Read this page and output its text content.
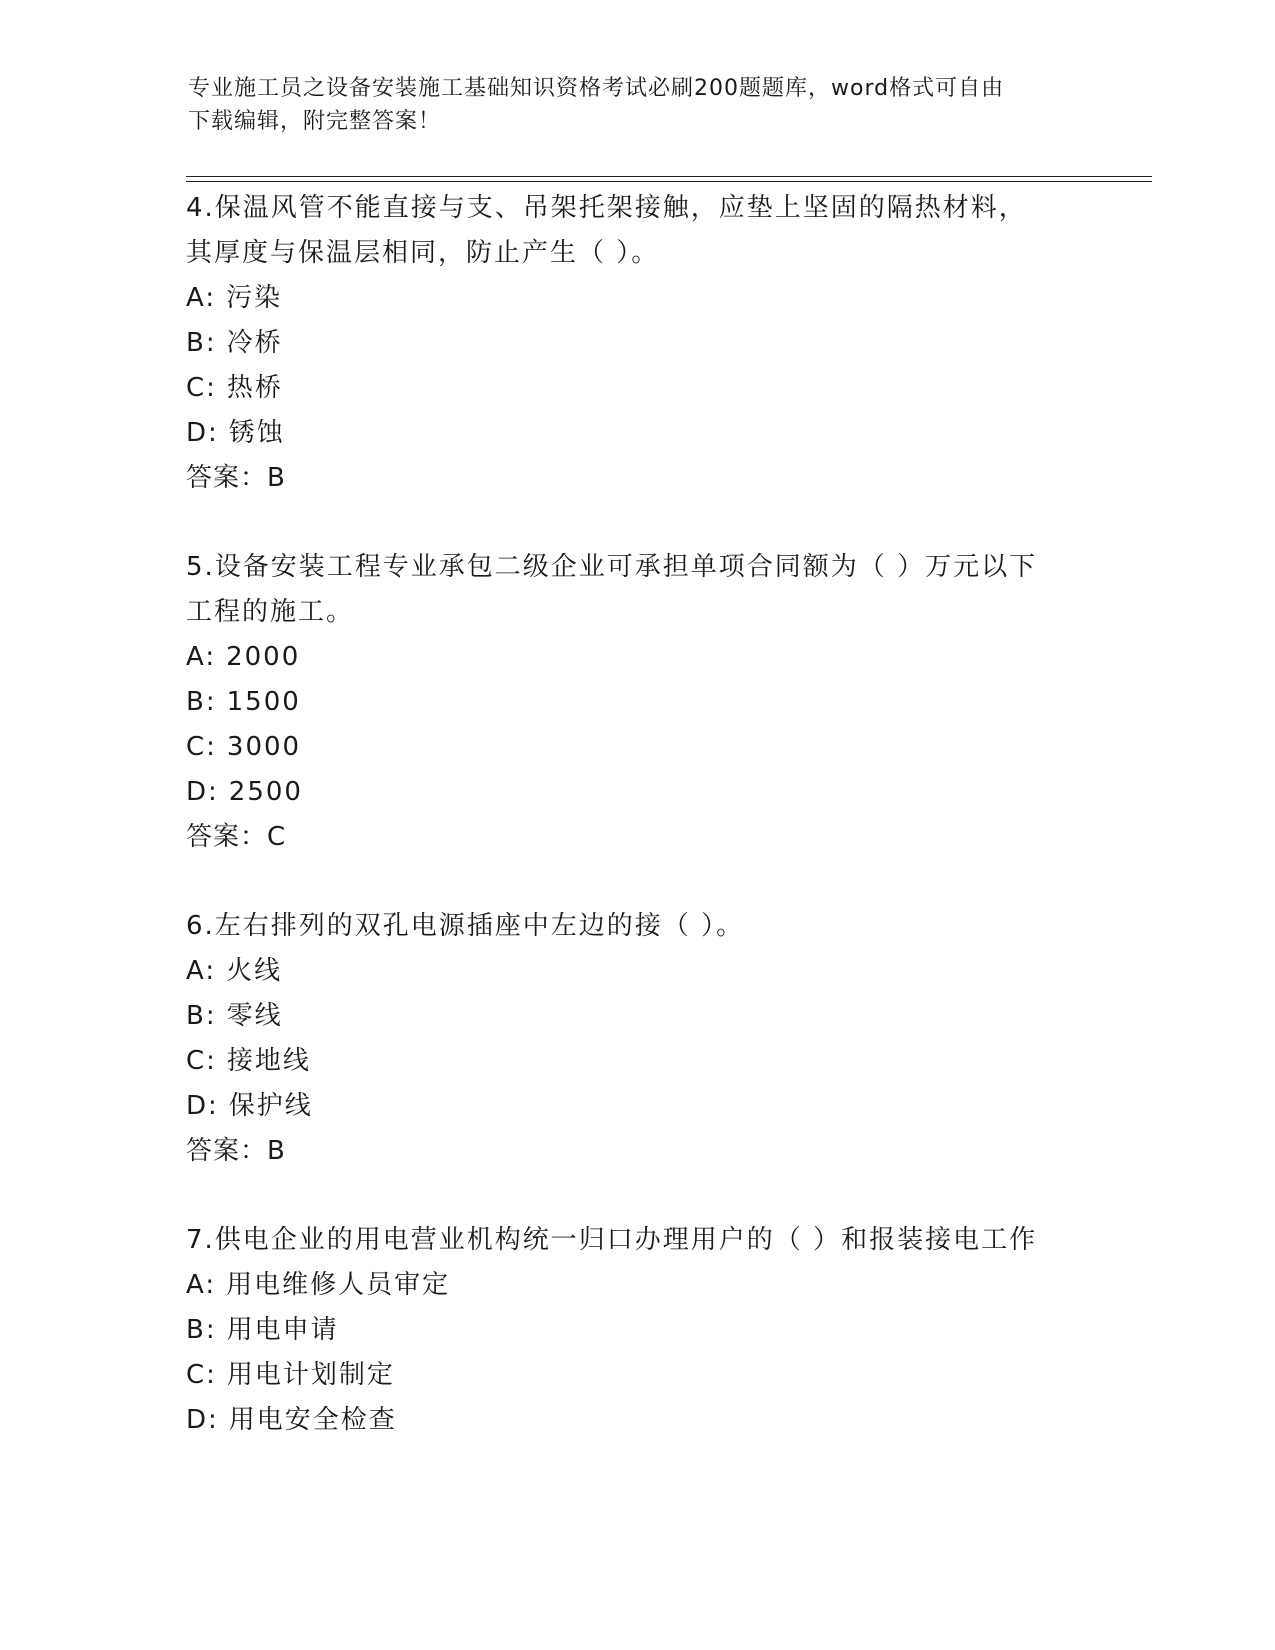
专业施工员之设备安装施工基础知识资格考试必刷200题题库，word格式可自由
下载编辑，附完整答案！
4.保温风管不能直接与支、吊架托架接触，应垫上坚固的隔热材料，
其厚度与保温层相同，防止产生（ ）。
A: 污染
B: 冷桥
C: 热桥
D: 锈蚀
答案：B
5.设备安装工程专业承包二级企业可承担单项合同额为（ ）万元以下
工程的施工。
A: 2000
B: 1500
C: 3000
D: 2500
答案：C
6.左右排列的双孔电源插座中左边的接（ ）。
A: 火线
B: 零线
C: 接地线
D: 保护线
答案：B
7.供电企业的用电营业机构统一归口办理用户的（ ）和报装接电工作
A: 用电维修人员审定
B: 用电申请
C: 用电计划制定
D: 用电安全检查
